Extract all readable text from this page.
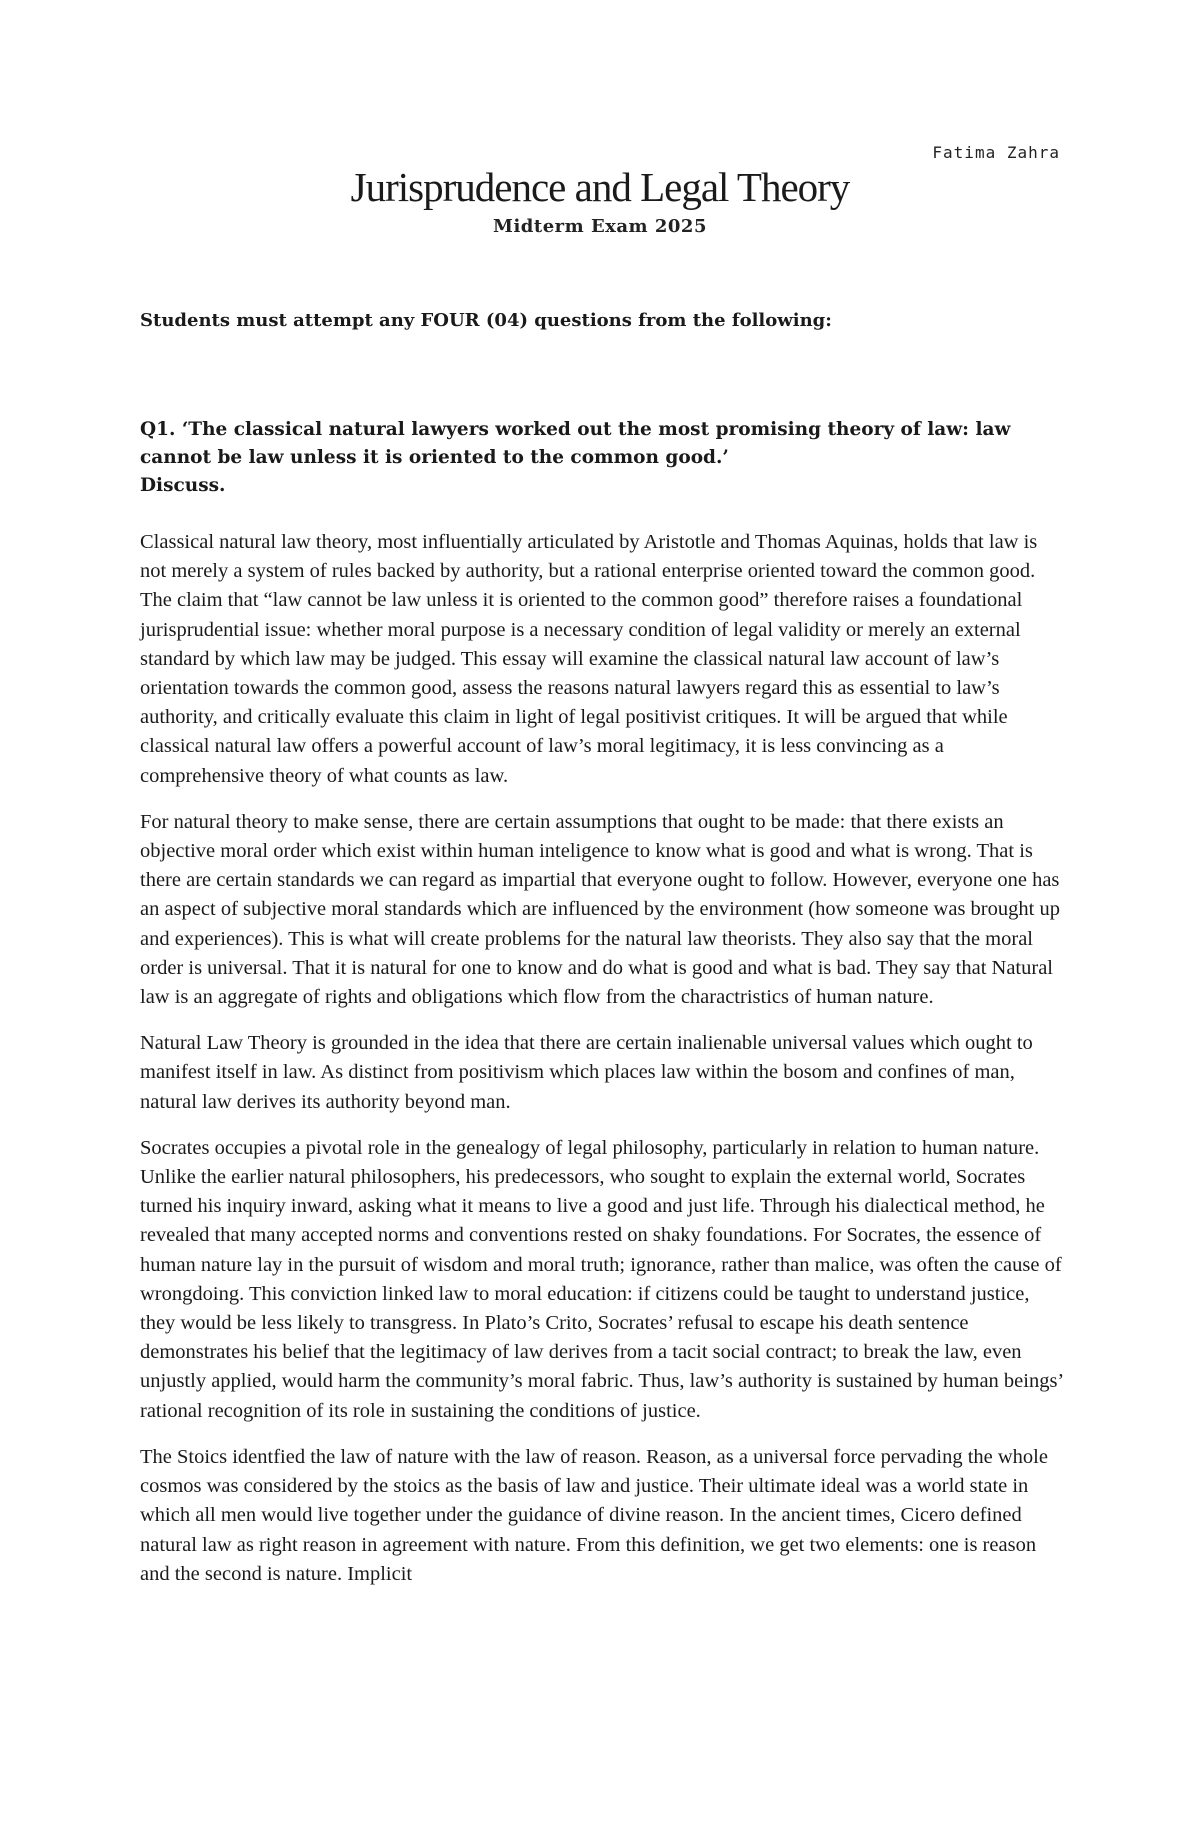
Fatima Zahra
Jurisprudence and Legal Theory
Midterm Exam 2025
Students must attempt any FOUR (04) questions from the following:
Q1. ‘The classical natural lawyers worked out the most promising theory of law: law
cannot be law unless it is oriented to the common good.’
Discuss.

Classical natural law theory, most influentially articulated by Aristotle and Thomas Aquinas, holds that law is not merely a system of rules backed by authority, but a rational enterprise oriented toward the common good. The claim that “law cannot be law unless it is oriented to the common good” therefore raises a foundational jurisprudential issue: whether moral purpose is a necessary condition of legal validity or merely an external standard by which law may be judged. This essay will examine the classical natural law account of law’s orientation towards the common good, assess the reasons natural lawyers regard this as essential to law’s authority, and critically evaluate this claim in light of legal positivist critiques. It will be argued that while classical natural law offers a powerful account of law’s moral legitimacy, it is less convincing as a comprehensive theory of what counts as law.

For natural theory to make sense, there are certain assumptions that ought to be made: that there exists an objective moral order which exist within human inteligence to know what is good and what is wrong. That is there are certain standards we can regard as impartial that everyone ought to follow. However, everyone one has an aspect of subjective moral standards which are influenced by the environment (how someone was brought up and experiences). This is what will create problems for the natural law theorists. They also say that the moral order is universal. That it is natural for one to know and do what is good and what is bad. They say that Natural law is an aggregate of rights and obligations which flow from the charactristics of human nature.

Natural Law Theory is grounded in the idea that there are certain inalienable universal values which ought to manifest itself in law. As distinct from positivism which places law within the bosom and confines of man, natural law derives its authority beyond man.

Socrates occupies a pivotal role in the genealogy of legal philosophy, particularly in relation to human nature. Unlike the earlier natural philosophers, his predecessors, who sought to explain the external world, Socrates turned his inquiry inward, asking what it means to live a good and just life. Through his dialectical method, he revealed that many accepted norms and conventions rested on shaky foundations. For Socrates, the essence of human nature lay in the pursuit of wisdom and moral truth; ignorance, rather than malice, was often the cause of wrongdoing. This conviction linked law to moral education: if citizens could be taught to understand justice, they would be less likely to transgress. In Plato’s Crito, Socrates’ refusal to escape his death sentence demonstrates his belief that the legitimacy of law derives from a tacit social contract; to break the law, even unjustly applied, would harm the community’s moral fabric. Thus, law’s authority is sustained by human beings’ rational recognition of its role in sustaining the conditions of justice.

The Stoics identfied the law of nature with the law of reason. Reason, as a universal force pervading the whole cosmos was considered by the stoics as the basis of law and justice. Their ultimate ideal was a world state in which all men would live together under the guidance of divine reason. In the ancient times, Cicero defined natural law as right reason in agreement with nature. From this definition, we get two elements: one is reason and the second is nature. Implicit
